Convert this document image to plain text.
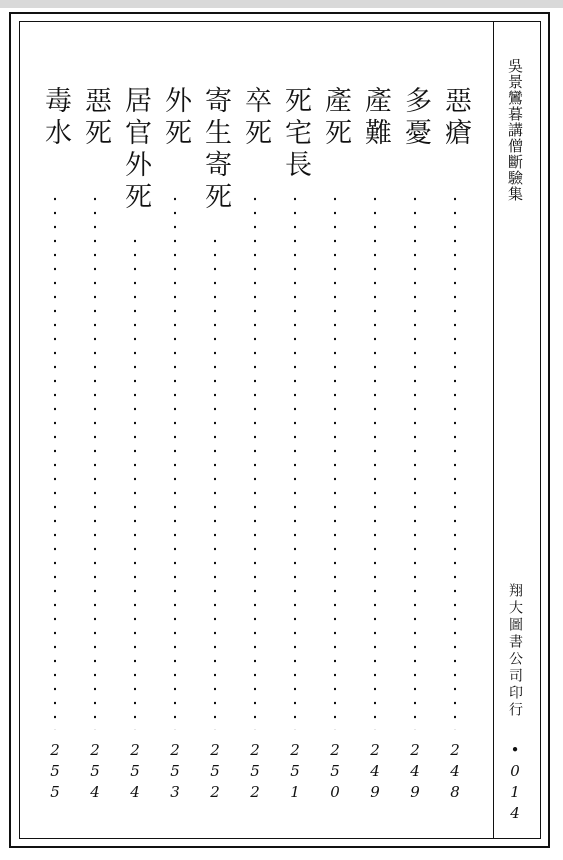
吳景鸞暮講僧斷驗集
翔大圖書公司印行
•014
惡瘡
248
多憂
249
產難
249
產死
250
死宅長
251
卒死
252
寄生寄死
252
外死
253
居官外死
254
惡死
254
毒水
255
